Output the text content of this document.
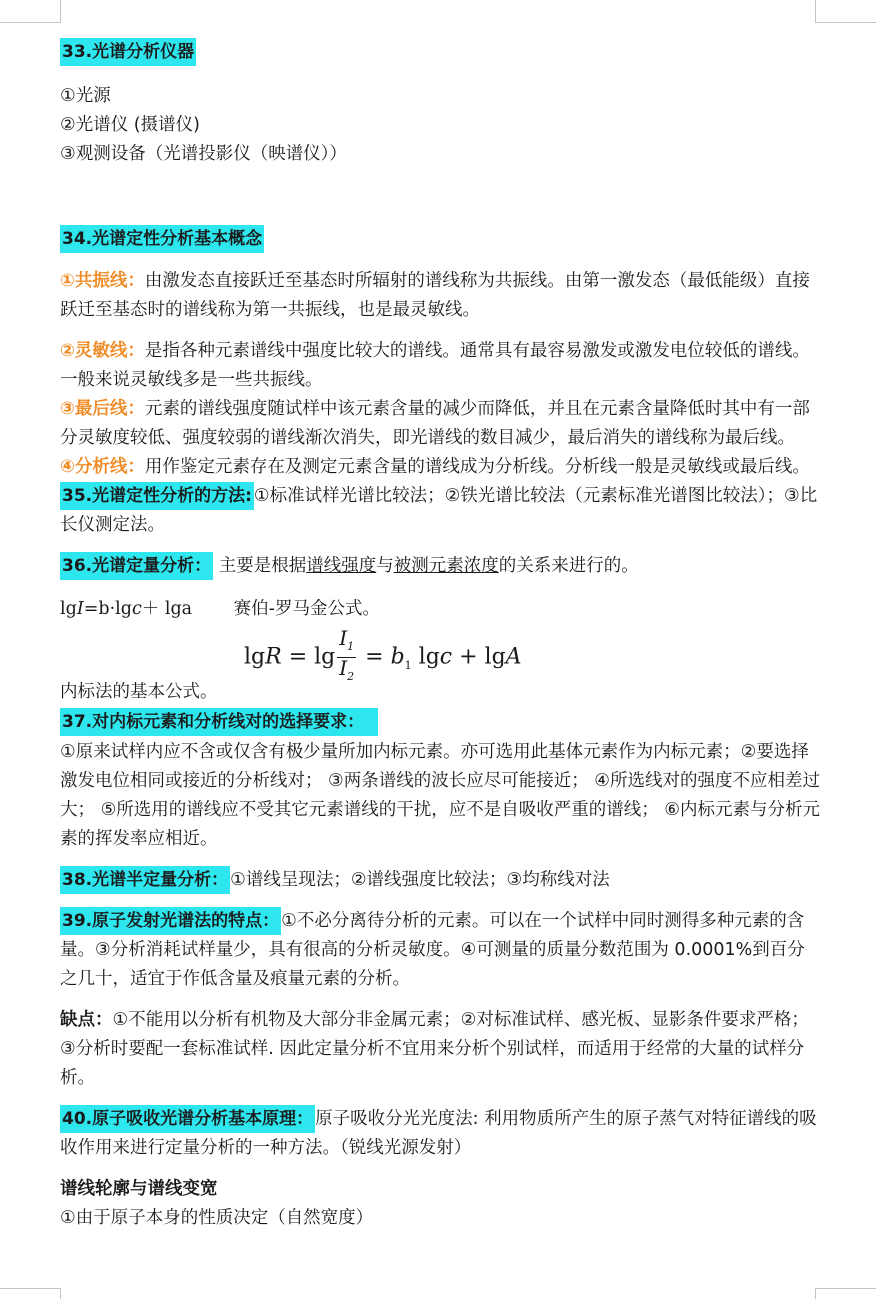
33.光谱分析仪器
①光源
②光谱仪 (摄谱仪)
③观测设备（光谱投影仪（映谱仪））
34.光谱定性分析基本概念

①共振线：由激发态直接跃迁至基态时所辐射的谱线称为共振线。由第一激发态（最低能级）直接跃迁至基态时的谱线称为第一共振线，也是最灵敏线。

②灵敏线：是指各种元素谱线中强度比较大的谱线。通常具有最容易激发或激发电位较低的谱线。一般来说灵敏线多是一些共振线。

③最后线：元素的谱线强度随试样中该元素含量的减少而降低，并且在元素含量降低时其中有一部分灵敏度较低、强度较弱的谱线渐次消失，即光谱线的数目减少，最后消失的谱线称为最后线。

④分析线：用作鉴定元素存在及测定元素含量的谱线成为分析线。分析线一般是灵敏线或最后线。

35.光谱定性分析的方法: ①标准试样光谱比较法；②铁光谱比较法（元素标准光谱图比较法）；③比长仪测定法。

36.光谱定量分析： 主要是根据谱线强度与被测元素浓度的关系来进行的。

lgI=b·lgc＋ lga 赛伯-罗马金公式。
$\lg R = \lg \frac{I_1}{I_2} = b_1$ lgc + lgA
内标法的基本公式。
37.对内标元素和分析线对的选择要求：

①原来试样内应不含或仅含有极少量所加内标元素。亦可选用此基体元素作为内标元素；②要选择激发电位相同或接近的分析线对； ③两条谱线的波长应尽可能接近； ④所选线对的强度不应相差过大； ⑤所选用的谱线应不受其它元素谱线的干扰，应不是自吸收严重的谱线； ⑥内标元素与分析元素的挥发率应相近。

38.光谱半定量分析： ①谱线呈现法；②谱线强度比较法；③均称线对法

39.原子发射光谱法的特点： ①不必分离待分析的元素。可以在一个试样中同时测得多种元素的含量。③分析消耗试样量少，具有很高的分析灵敏度。④可测量的质量分数范围为 0.0001%到百分之几十，适宜于作低含量及痕量元素的分析。

缺点：①不能用以分析有机物及大部分非金属元素；②对标准试样、感光板、显影条件要求严格；③分析时要配一套标准试样. 因此定量分析不宜用来分析个别试样，而适用于经常的大量的试样分析。

40.原子吸收光谱分析基本原理： 原子吸收分光光度法: 利用物质所产生的原子蒸气对特征谱线的吸收作用来进行定量分析的一种方法。（锐线光源发射）

谱线轮廓与谱线变宽
①由于原子本身的性质决定（自然宽度）
